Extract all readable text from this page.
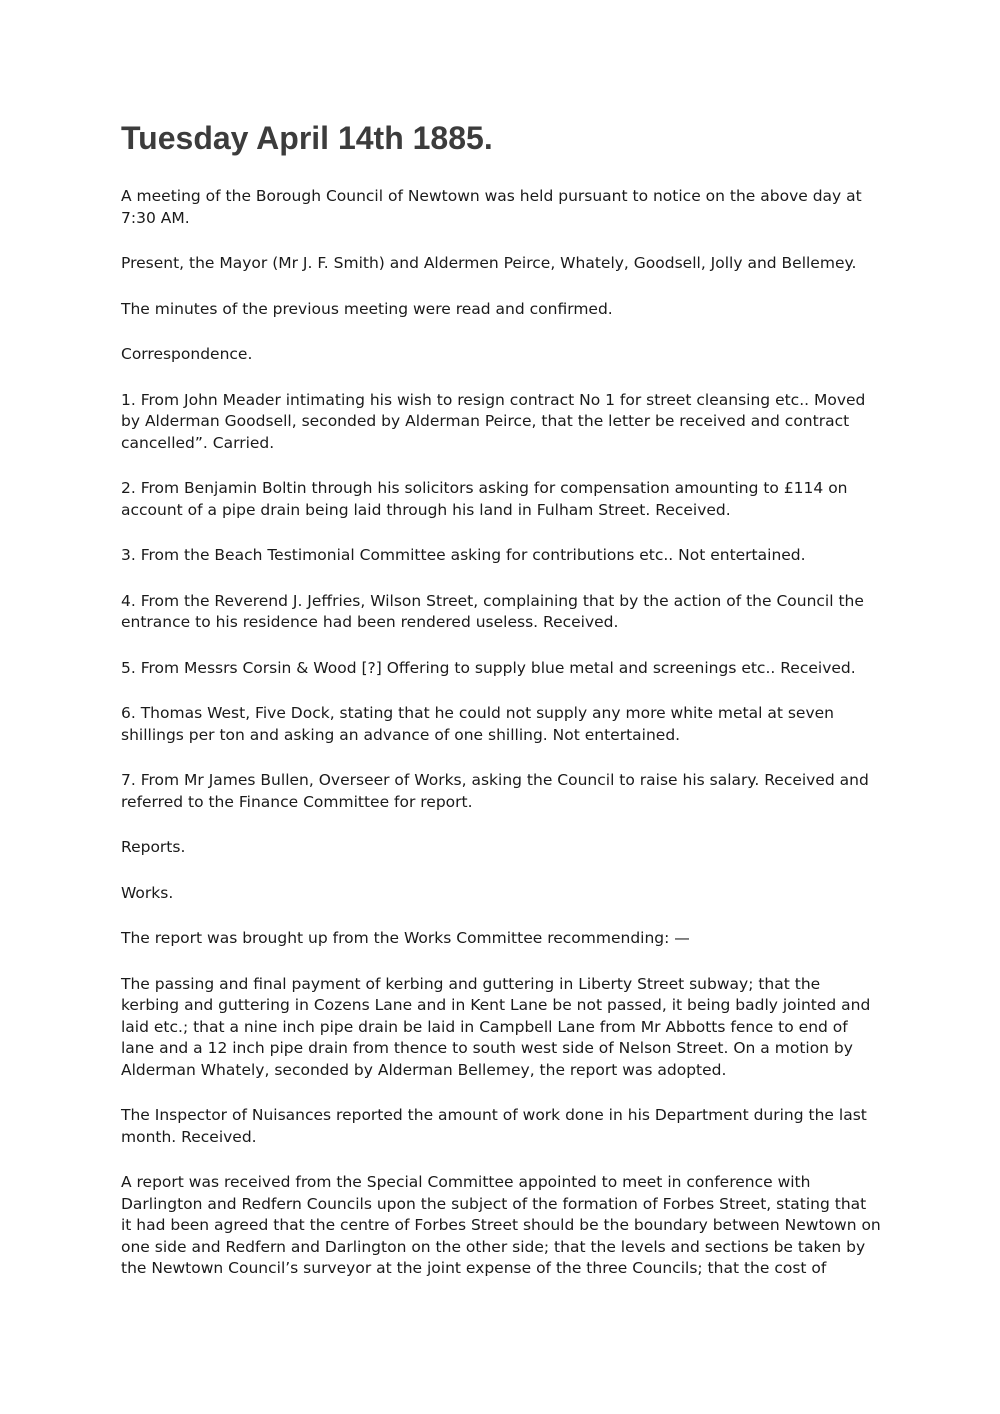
Tuesday April 14th 1885.

A meeting of the Borough Council of Newtown was held pursuant to notice on the above day at 7:30 AM.

Present, the Mayor (Mr J. F. Smith) and Aldermen Peirce, Whately, Goodsell, Jolly and Bellemey.

The minutes of the previous meeting were read and confirmed.

Correspondence.

1. From John Meader intimating his wish to resign contract No 1 for street cleansing etc.. Moved by Alderman Goodsell, seconded by Alderman Peirce, that the letter be received and contract cancelled”. Carried.

2. From Benjamin Boltin through his solicitors asking for compensation amounting to £114 on account of a pipe drain being laid through his land in Fulham Street. Received.

3. From the Beach Testimonial Committee asking for contributions etc.. Not entertained.

4. From the Reverend J. Jeffries, Wilson Street, complaining that by the action of the Council the entrance to his residence had been rendered useless. Received.

5. From Messrs Corsin & Wood [?] Offering to supply blue metal and screenings etc.. Received.

6. Thomas West, Five Dock, stating that he could not supply any more white metal at seven shillings per ton and asking an advance of one shilling. Not entertained.

7. From Mr James Bullen, Overseer of Works, asking the Council to raise his salary. Received and referred to the Finance Committee for report.

Reports.

Works.

The report was brought up from the Works Committee recommending: —

The passing and final payment of kerbing and guttering in Liberty Street subway; that the kerbing and guttering in Cozens Lane and in Kent Lane be not passed, it being badly jointed and laid etc.; that a nine inch pipe drain be laid in Campbell Lane from Mr Abbotts fence to end of lane and a 12 inch pipe drain from thence to south west side of Nelson Street. On a motion by Alderman Whately, seconded by Alderman Bellemey, the report was adopted.

The Inspector of Nuisances reported the amount of work done in his Department during the last month. Received.

A report was received from the Special Committee appointed to meet in conference with Darlington and Redfern Councils upon the subject of the formation of Forbes Street, stating that it had been agreed that the centre of Forbes Street should be the boundary between Newtown on one side and Redfern and Darlington on the other side; that the levels and sections be taken by the Newtown Council’s surveyor at the joint expense of the three Councils; that the cost of
